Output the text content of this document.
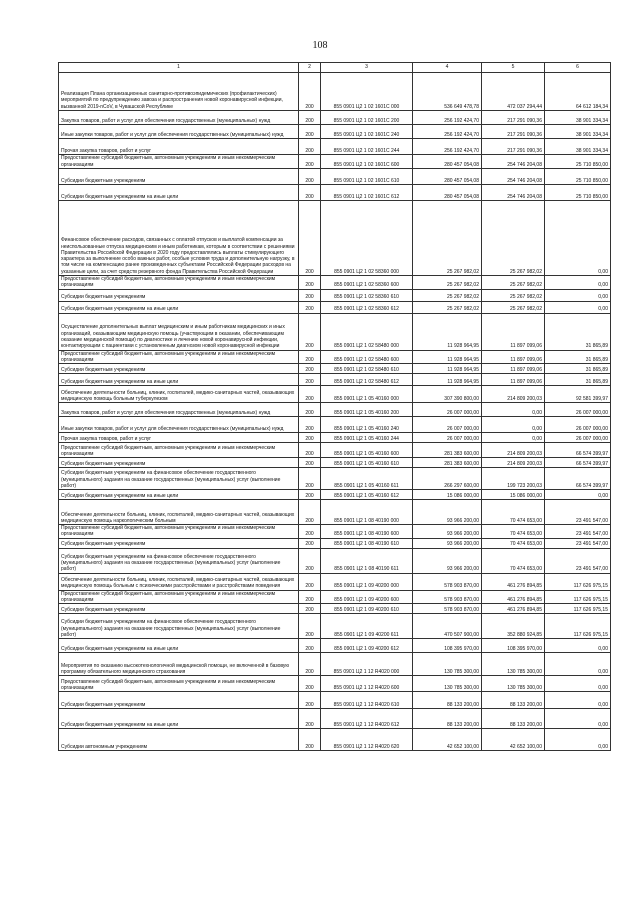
108
1	2	3	4	5	6
Реализация Плана организационных санитарно-противоэпидемических (профилактических) мероприятий по предупреждению завоза и распространения новой коронавирусной инфекции, вызванной 2019-nCoV, в Чувашской Республике	200	855 0901 Ц2 1 02 1601С 000	536 649 478,78	472 037 294,44	64 612 184,34
Закупка товаров, работ и услуг для обеспечения государственных (муниципальных) нужд	200	855 0901 Ц2 1 02 1601С 200	256 192 424,70	217 291 090,36	38 901 334,34
Иные закупки товаров, работ и услуг для обеспечения государственных (муниципальных) нужд	200	855 0901 Ц2 1 02 1601С 240	256 192 424,70	217 291 090,36	38 901 334,34
Прочая закупка товаров, работ и услуг	200	855 0901 Ц2 1 02 1601С 244	256 192 424,70	217 291 090,36	38 901 334,34
Предоставление субсидий бюджетным, автономным учреждениям и иным некоммерческим организациям	200	855 0901 Ц2 1 02 1601С 600	280 457 054,08	254 746 204,08	25 710 850,00
Субсидии бюджетным учреждениям	200	855 0901 Ц2 1 02 1601С 610	280 457 054,08	254 746 204,08	25 710 850,00
Субсидии бюджетным учреждениям на иные цели	200	855 0901 Ц2 1 02 1601С 612	280 457 054,08	254 746 204,08	25 710 850,00
Финансовое обеспечение расходов, связанных с оплатой отпусков и выплатой компенсации за неиспользованные отпуска медицинским и иным работникам, которым в соответствии с решениями Правительства Российской Федерации в 2020 году предоставлялись выплаты стимулирующего характера за выполнение особо важных работ, особые условия труда и дополнительную нагрузку, в том числе на компенсацию ранее произведенных субъектами Российской Федерации расходов на указанные цели, за счет средств резервного фонда Правительства Российской Федерации	200	855 0901 Ц2 1 02 58360 000	25 267 982,02	25 267 982,02	0,00
Предоставление субсидий бюджетным, автономным учреждениям и иным некоммерческим организациям	200	855 0901 Ц2 1 02 58360 600	25 267 982,02	25 267 982,02	0,00
Субсидии бюджетным учреждениям	200	855 0901 Ц2 1 02 58360 610	25 267 982,02	25 267 982,02	0,00
Субсидии бюджетным учреждениям на иные цели	200	855 0901 Ц2 1 02 58360 612	25 267 982,02	25 267 982,02	0,00
Осуществление дополнительных выплат медицинским и иным работникам медицинских и иных организаций, оказывающим медицинскую помощь (участвующим в оказании, обеспечивающим оказание медицинской помощи) по диагностике и лечению новой коронавирусной инфекции, контактирующим с пациентами с установленным диагнозом новой коронавирусной инфекции	200	855 0901 Ц2 1 02 58480 000	11 928 964,95	11 897 099,06	31 865,89
Предоставление субсидий бюджетным, автономным учреждениям и иным некоммерческим организациям	200	855 0901 Ц2 1 02 58480 600	11 928 964,95	11 897 099,06	31 865,89
Субсидии бюджетным учреждениям	200	855 0901 Ц2 1 02 58480 610	11 928 964,95	11 897 099,06	31 865,89
Субсидии бюджетным учреждениям на иные цели	200	855 0901 Ц2 1 02 58480 612	11 928 964,95	11 897 099,06	31 865,89
Обеспечение деятельности больниц, клиник, госпиталей, медико-санитарных частей, оказывающих медицинскую помощь больным туберкулезом	200	855 0901 Ц2 1 05 40160 000	307 390 800,00	214 809 200,03	92 581 399,97
Закупка товаров, работ и услуг для обеспечения государственных (муниципальных) нужд	200	855 0901 Ц2 1 05 40160 200	26 007 000,00	0,00	26 007 000,00
Иные закупки товаров, работ и услуг для обеспечения государственных (муниципальных) нужд	200	855 0901 Ц2 1 05 40160 240	26 007 000,00	0,00	26 007 000,00
Прочая закупка товаров, работ и услуг	200	855 0901 Ц2 1 05 40160 244	26 007 000,00	0,00	26 007 000,00
Предоставление субсидий бюджетным, автономным учреждениям и иным некоммерческим организациям	200	855 0901 Ц2 1 05 40160 600	281 383 600,00	214 809 200,03	66 574 399,97
Субсидии бюджетным учреждениям	200	855 0901 Ц2 1 05 40160 610	281 383 600,00	214 809 200,03	66 574 399,97
Субсидии бюджетным учреждениям на финансовое обеспечение государственного (муниципального) задания на оказание государственных (муниципальных) услуг (выполнение работ)	200	855 0901 Ц2 1 05 40160 611	266 297 600,00	199 723 200,03	66 574 399,97
Субсидии бюджетным учреждениям на иные цели	200	855 0901 Ц2 1 05 40160 612	15 086 000,00	15 086 000,00	0,00
Обеспечение деятельности больниц, клиник, госпиталей, медико-санитарных частей, оказывающих медицинскую помощь наркологическим больным	200	855 0901 Ц2 1 08 40190 000	93 966 200,00	70 474 653,00	23 491 547,00
Предоставление субсидий бюджетным, автономным учреждениям и иным некоммерческим организациям	200	855 0901 Ц2 1 08 40190 600	93 966 200,00	70 474 653,00	23 491 547,00
Субсидии бюджетным учреждениям	200	855 0901 Ц2 1 08 40190 610	93 966 200,00	70 474 653,00	23 491 547,00
Субсидии бюджетным учреждениям на финансовое обеспечение государственного (муниципального) задания на оказание государственных (муниципальных) услуг (выполнение работ)	200	855 0901 Ц2 1 08 40190 611	93 966 200,00	70 474 653,00	23 491 547,00
Обеспечение деятельности больниц, клиник, госпиталей, медико-санитарных частей, оказывающих медицинскую помощь больным с психическими расстройствами и расстройствами поведения	200	855 0901 Ц2 1 09 40200 000	578 903 870,00	461 276 894,85	117 626 975,15
Предоставление субсидий бюджетным, автономным учреждениям и иным некоммерческим организациям	200	855 0901 Ц2 1 09 40200 600	578 903 870,00	461 276 894,85	117 626 975,15
Субсидии бюджетным учреждениям	200	855 0901 Ц2 1 09 40200 610	578 903 870,00	461 276 894,85	117 626 975,15
Субсидии бюджетным учреждениям на финансовое обеспечение государственного (муниципального) задания на оказание государственных (муниципальных) услуг (выполнение работ)	200	855 0901 Ц2 1 09 40200 611	470 507 900,00	352 880 924,85	117 626 975,15
Субсидии бюджетным учреждениям на иные цели	200	855 0901 Ц2 1 09 40200 612	108 395 970,00	108 395 970,00	0,00
Мероприятия по оказанию высокотехнологичной медицинской помощи, не включенной в базовую программу обязательного медицинского страхования	200	855 0901 Ц2 1 12 R4020 000	130 785 300,00	130 785 300,00	0,00
Предоставление субсидий бюджетным, автономным учреждениям и иным некоммерческим организациям	200	855 0901 Ц2 1 12 R4020 600	130 785 300,00	130 785 300,00	0,00
Субсидии бюджетным учреждениям	200	855 0901 Ц2 1 12 R4020 610	88 133 200,00	88 133 200,00	0,00
Субсидии бюджетным учреждениям на иные цели	200	855 0901 Ц2 1 12 R4020 612	88 133 200,00	88 133 200,00	0,00
Субсидии автономным учреждениям	200	855 0901 Ц2 1 12 R4020 620	42 652 100,00	42 652 100,00	0,00
